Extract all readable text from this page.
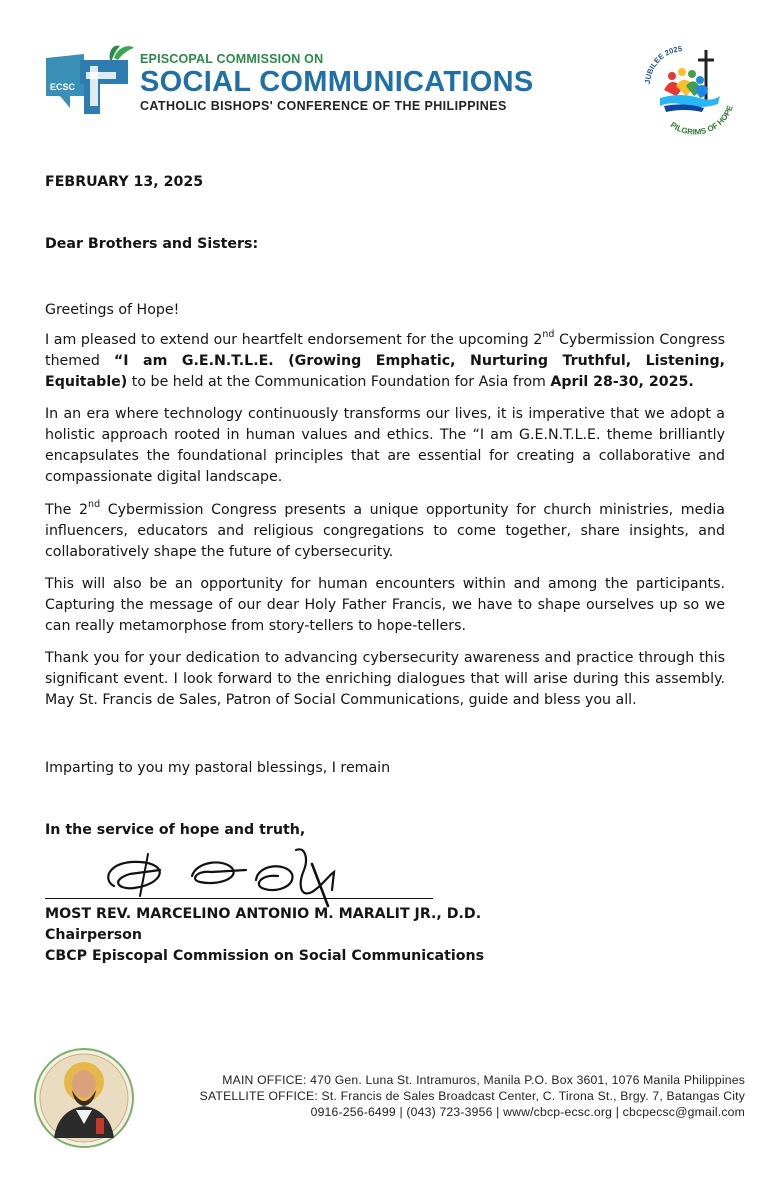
ECSC
EPISCOPAL COMMISSION ON
SOCIAL COMMUNICATIONS
CATHOLIC BISHOPS' CONFERENCE OF THE PHILIPPINES
JUBILEE 2025
PILGRIMS OF HOPE

FEBRUARY 13, 2025

Dear Brothers and Sisters:

Greetings of Hope!

I am pleased to extend our heartfelt endorsement for the upcoming 2nd Cybermission Congress themed “I am G.E.N.T.L.E. (Growing Emphatic, Nurturing Truthful, Listening, Equitable) to be held at the Communication Foundation for Asia from April 28-30, 2025.

In an era where technology continuously transforms our lives, it is imperative that we adopt a holistic approach rooted in human values and ethics. The “I am G.E.N.T.L.E. theme brilliantly encapsulates the foundational principles that are essential for creating a collaborative and compassionate digital landscape.

The 2nd Cybermission Congress presents a unique opportunity for church ministries, media influencers, educators and religious congregations to come together, share insights, and collaboratively shape the future of cybersecurity.

This will also be an opportunity for human encounters within and among the participants. Capturing the message of our dear Holy Father Francis, we have to shape ourselves up so we can really metamorphose from story-tellers to hope-tellers.

Thank you for your dedication to advancing cybersecurity awareness and practice through this significant event. I look forward to the enriching dialogues that will arise during this assembly. May St. Francis de Sales, Patron of Social Communications, guide and bless you all.

Imparting to you my pastoral blessings, I remain

In the service of hope and truth,

MOST REV. MARCELINO ANTONIO M. MARALIT JR., D.D.
Chairperson
CBCP Episcopal Commission on Social Communications
MAIN OFFICE: 470 Gen. Luna St. Intramuros, Manila P.O. Box 3601, 1076 Manila Philippines
SATELLITE OFFICE: St. Francis de Sales Broadcast Center, C. Tirona St., Brgy. 7, Batangas City
0916-256-6499 | (043) 723-3956 | www/cbcp-ecsc.org | cbcpecsc@gmail.com
